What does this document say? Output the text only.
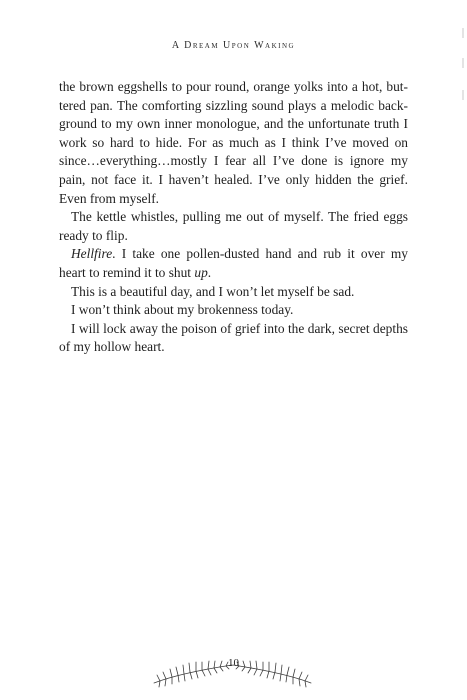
A Dream Upon Waking

the brown eggshells to pour round, orange yolks into a hot, but-tered pan. The comforting sizzling sound plays a melodic back-ground to my own inner monologue, and the unfortunate truth I work so hard to hide. For as much as I think I’ve moved on since…everything…mostly I fear all I’ve done is ignore my pain, not face it. I haven’t healed. I’ve only hidden the grief. Even from myself.

The kettle whistles, pulling me out of myself. The fried eggs ready to flip.

Hellfire. I take one pollen-dusted hand and rub it over my heart to remind it to shut up.

This is a beautiful day, and I won’t let myself be sad.

I won’t think about my brokenness today.

I will lock away the poison of grief into the dark, secret depths of my hollow heart.

10
